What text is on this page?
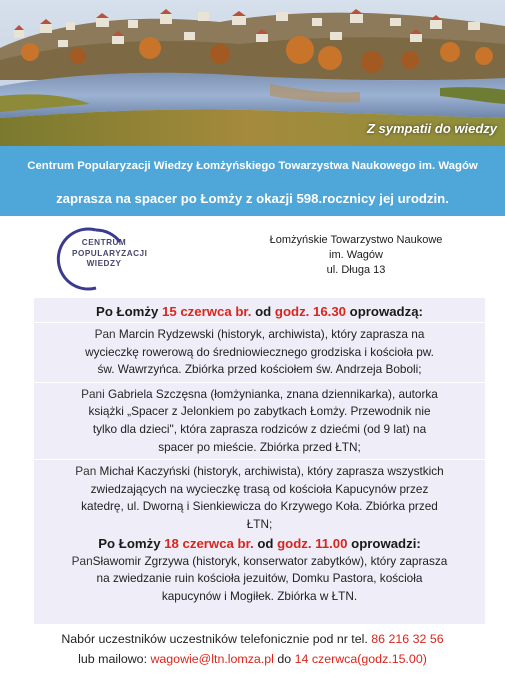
Z sympatii do wiedzy
Centrum Popularyzacji Wiedzy Łomżyńskiego Towarzystwa Naukowego im. Wagów
zaprasza na spacer po Łomży z okazji 598.rocznicy jej urodzin.
CENTRUM
POPULARYZACJI
WIEDZY
Łomżyńskie Towarzystwo Naukowe
im. Wagów
ul. Długa 13
Po Łomży 15 czerwca br. od godz. 16.30 oprowadzą:
Pan Marcin Rydzewski (historyk, archiwista), który zaprasza na
wycieczkę rowerową do średniowiecznego grodziska i kościoła pw.
św. Wawrzyńca. Zbiórka przed kościołem św. Andrzeja Boboli;
Pani Gabriela Szczęsna (łomżynianka, znana dziennikarka), autorka
książki „Spacer z Jelonkiem po zabytkach Łomży. Przewodnik nie
tylko dla dzieci", która zaprasza rodziców z dziećmi (od 9 lat) na
spacer po mieście. Zbiórka przed ŁTN;
Pan Michał Kaczyński (historyk, archiwista), który zaprasza wszystkich
zwiedzających na wycieczkę trasą od kościoła Kapucynów przez
katedrę, ul. Dworną i Sienkiewicza do Krzywego Koła. Zbiórka przed
ŁTN;
Po Łomży 18 czerwca br. od godz. 11.00 oprowadzi:
PanSławomir Zgrzywa (historyk, konserwator zabytków), który zaprasza
na zwiedzanie ruin kościoła jezuitów, Domku Pastora, kościoła
kapucynów i Mogiłek. Zbiórka w ŁTN.
Nabór uczestników uczestników telefonicznie pod nr tel. 86 216 32 56
lub mailowo: wagowie@ltn.lomza.pl do 14 czerwca(godz.15.00)
